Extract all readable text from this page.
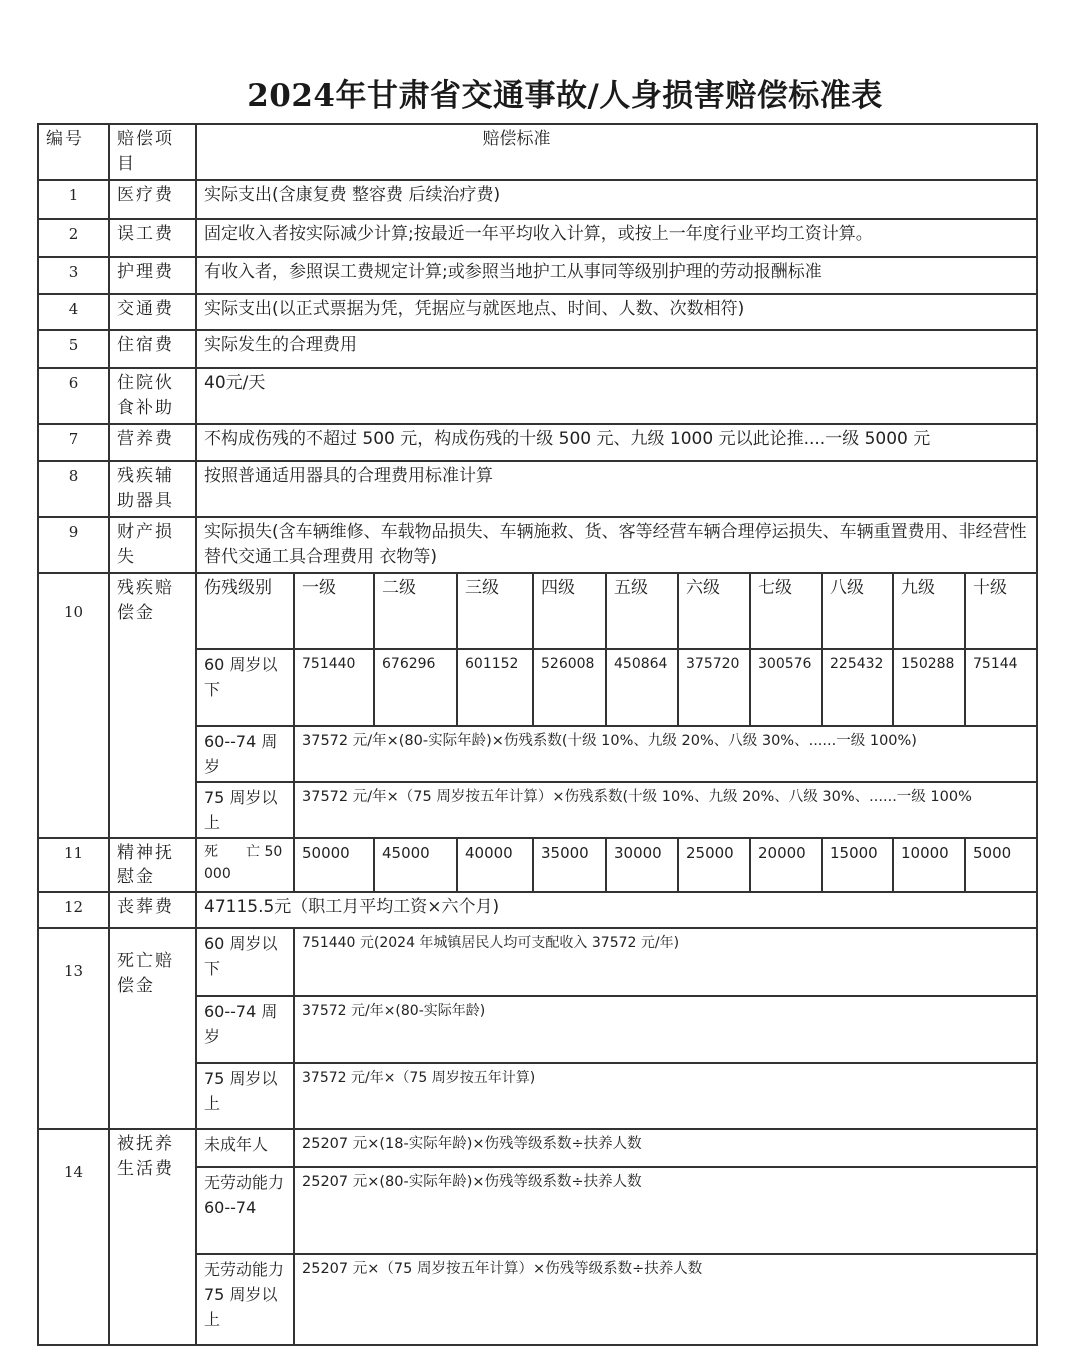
2024年甘肃省交通事故/人身损害赔偿标准表
编号	赔偿项目	赔偿标准										
1	医疗费	实际支出(含康复费 整容费 后续治疗费)										
2	误工费	固定收入者按实际减少计算;按最近一年平均收入计算，或按上一年度行业平均工资计算。										
3	护理费	有收入者，参照误工费规定计算;或参照当地护工从事同等级别护理的劳动报酬标准										
4	交通费	实际支出(以正式票据为凭，凭据应与就医地点、时间、人数、次数相符)										
5	住宿费	实际发生的合理费用										
6	住院伙食补助	40元/天										
7	营养费	不构成伤残的不超过 500 元，构成伤残的十级 500 元、九级 1000 元以此论推....一级 5000 元										
8	残疾辅助器具	按照普通适用器具的合理费用标准计算										
9	财产损失	实际损失(含车辆维修、车载物品损失、车辆施救、货、客等经营车辆合理停运损失、车辆重置费用、非经营性替代交通工具合理费用 衣物等)										
10	残疾赔偿金	伤残级别	一级	二级	三级	四级	五级	六级	七级	八级	九级	十级
		60 周岁以下	751440	676296	601152	526008	450864	375720	300576	225432	150288	75144
		60--74 周岁	37572 元/年×(80-实际年龄)×伤残系数(十级 10%、九级 20%、八级 30%、......一级 100%)									
		75 周岁以上	37572 元/年×（75 周岁按五年计算）×伤残系数(十级 10%、九级 20%、八级 30%、......一级 100%									
11	精神抚慰金	死　　亡 50000	50000	45000	40000	35000	30000	25000	20000	15000	10000	5000
12	丧葬费	47115.5元（职工月平均工资×六个月)										
13	死亡赔偿金	60 周岁以下	751440 元(2024 年城镇居民人均可支配收入 37572 元/年)									
		60--74 周岁	37572 元/年×(80-实际年龄)									
		75 周岁以上	37572 元/年×（75 周岁按五年计算)									
14	被抚养生活费	未成年人	25207 元×(18-实际年龄)×伤残等级系数÷扶养人数									
		无劳动能力 60--74	25207 元×(80-实际年龄)×伤残等级系数÷扶养人数									
		无劳动能力 75 周岁以上	25207 元×（75 周岁按五年计算）×伤残等级系数÷扶养人数									
